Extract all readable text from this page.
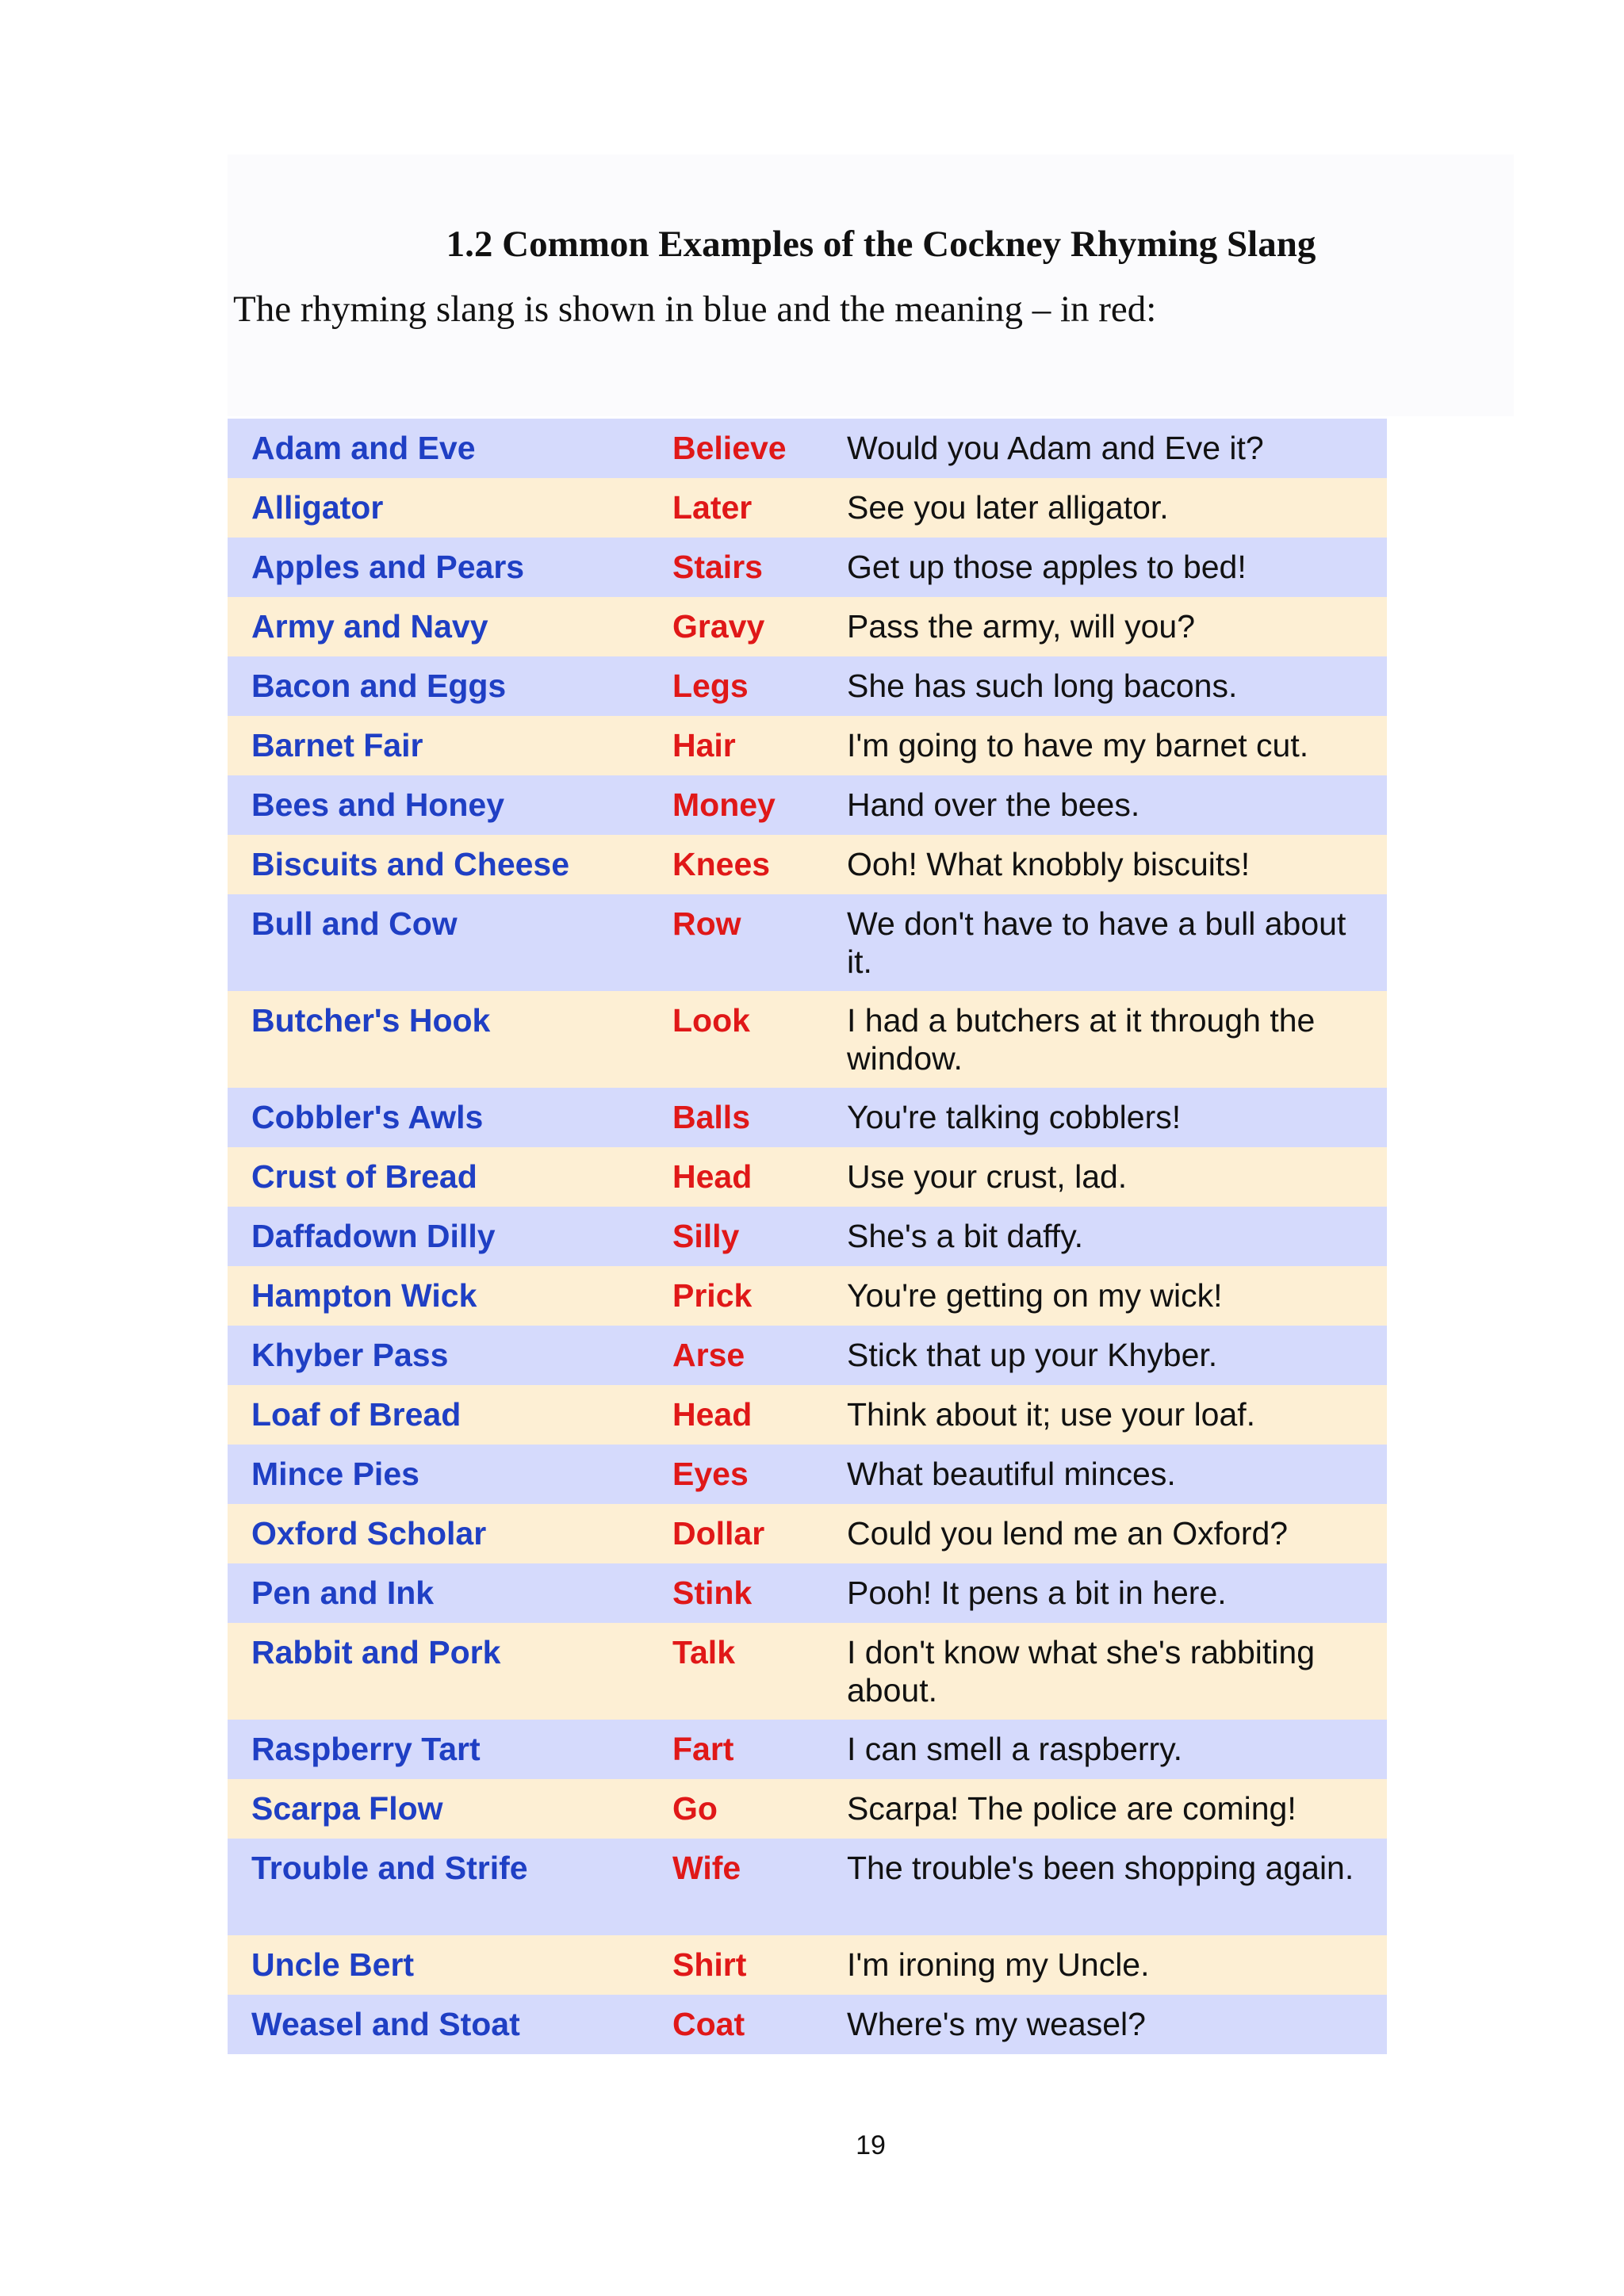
1.2 Common Examples of the Cockney Rhyming Slang
The rhyming slang is shown in blue and the meaning – in red:
Adam and Eve	Believe	Would you Adam and Eve it?
Alligator	Later	See you later alligator.
Apples and Pears	Stairs	Get up those apples to bed!
Army and Navy	Gravy	Pass the army, will you?
Bacon and Eggs	Legs	She has such long bacons.
Barnet Fair	Hair	I'm going to have my barnet cut.
Bees and Honey	Money	Hand over the bees.
Biscuits and Cheese	Knees	Ooh! What knobbly biscuits!
Bull and Cow	Row	We don't have to have a bull about it.
Butcher's Hook	Look	I had a butchers at it through the window.
Cobbler's Awls	Balls	You're talking cobblers!
Crust of Bread	Head	Use your crust, lad.
Daffadown Dilly	Silly	She's a bit daffy.
Hampton Wick	Prick	You're getting on my wick!
Khyber Pass	Arse	Stick that up your Khyber.
Loaf of Bread	Head	Think about it; use your loaf.
Mince Pies	Eyes	What beautiful minces.
Oxford Scholar	Dollar	Could you lend me an Oxford?
Pen and Ink	Stink	Pooh! It pens a bit in here.
Rabbit and Pork	Talk	I don't know what she's rabbiting about.
Raspberry Tart	Fart	I can smell a raspberry.
Scarpa Flow	Go	Scarpa! The police are coming!
Trouble and Strife	Wife	The trouble's been shopping again.
Uncle Bert	Shirt	I'm ironing my Uncle.
Weasel and Stoat	Coat	Where's my weasel?
19
